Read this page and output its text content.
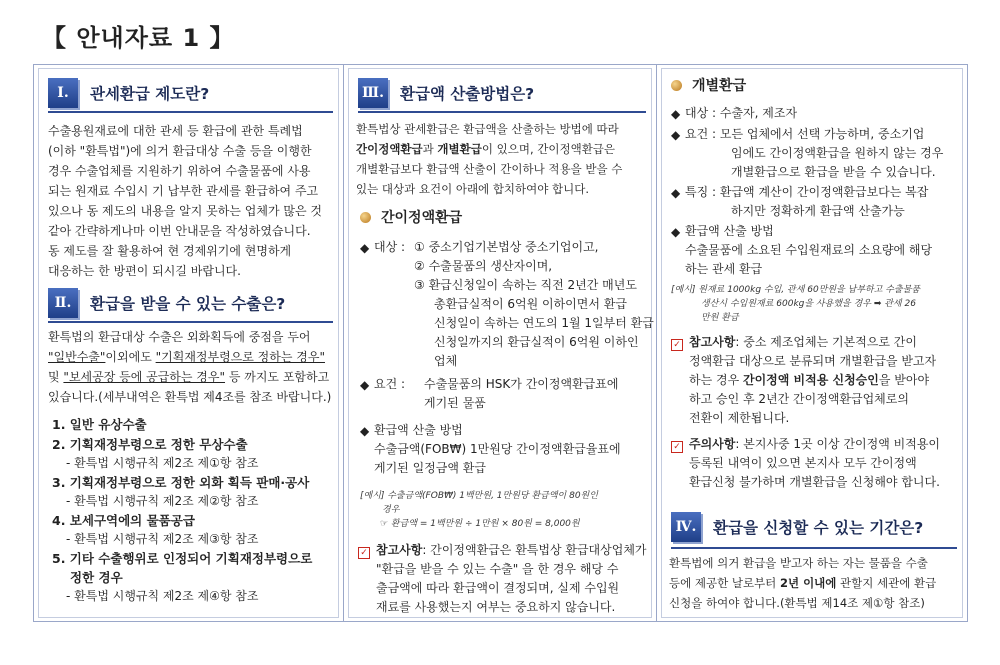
【 안내자료 1 】
Ⅰ.	관세환급 제도란?
수출용원재료에 대한 관세 등 환급에 관한 특례법
(이하 "환특법")에 의거 환급대상 수출 등을 이행한
경우 수출업체를 지원하기 위하여 수출물품에 사용
되는 원재료 수입시 기 납부한 관세를 환급하여 주고
있으나 동 제도의 내용을 알지 못하는 업체가 많은 것
같아 간략하게나마 이번 안내문을 작성하였습니다.
동 제도를 잘 활용하여 현 경제위기에 현명하게
대응하는 한 방편이 되시길 바랍니다.
Ⅱ.	환급을 받을 수 있는 수출은?
환특법의 환급대상 수출은 외화획득에 중점을 두어
"일반수출"이외에도 "기획재정부령으로 정하는 경우"
및 "보세공장 등에 공급하는 경우" 등 까지도 포함하고
있습니다.(세부내역은 환특법 제4조를 참조 바랍니다.)
1. 일반 유상수출
2. 기획재정부령으로 정한 무상수출
- 환특법 시행규칙 제2조 제①항 참조
3. 기획재정부령으로 정한 외화 획득 판매·공사
- 환특법 시행규칙 제2조 제②항 참조
4. 보세구역에의 물품공급
- 환특법 시행규칙 제2조 제③항 참조
5. 기타 수출행위로 인정되어 기획재정부령으로
정한 경우
- 환특법 시행규칙 제2조 제④항 참조
Ⅲ. 환급액 산출방법은?
환특법상 관세환급은 환급액을 산출하는 방법에 따라
간이정액환급과 개별환급이 있으며, 간이정액환급은
개별환급보다 환급액 산출이 간이하나 적용을 받을 수
있는 대상과 요건이 아래에 합치하여야 합니다.
간이정액환급
◆ 대상 : ① 중소기업기본법상 중소기업이고,
② 수출물품의 생산자이며,
③ 환급신청일이 속하는 직전 2년간 매년도
총환급실적이 6억원 이하이면서 환급
신청일이 속하는 연도의 1월 1일부터 환급
신청일까지의 환급실적이 6억원 이하인
업체
◆ 요건 : 수출물품의 HSK가 간이정액환급표에
게기된 물품
◆ 환급액 산출 방법
수출금액(FOB₩) 1만원당 간이정액환급율표에
게기된 일정금액 환급
[예시] 수출금액(FOB₩) 1백만원, 1만원당 환급액이 80원인
경우
☞ 환급액 = 1백만원 ÷ 1만원 × 80원 = 8,000원
✓ 참고사항: 간이정액환급은 환특법상 환급대상업체가
"환급을 받을 수 있는 수출" 을 한 경우 해당 수
출금액에 따라 환급액이 결정되며, 실제 수입원
재료를 사용했는지 여부는 중요하지 않습니다.
개별환급
◆ 대상 : 수출자, 제조자
◆ 요건 : 모든 업체에서 선택 가능하며, 중소기업
임에도 간이정액환급을 원하지 않는 경우
개별환급으로 환급을 받을 수 있습니다.
◆ 특징 : 환급액 계산이 간이정액환급보다는 복잡
하지만 정확하게 환급액 산출가능
◆ 환급액 산출 방법
수출물품에 소요된 수입원재료의 소요량에 해당
하는 관세 환급
[예시] 원재료 1000kg 수입, 관세 60만원을 납부하고 수출물품
생산시 수입원재료 600kg을 사용했을 경우 ➡ 관세 26
만원 환급
✓ 참고사항: 중소 제조업체는 기본적으로 간이
정액환급 대상으로 분류되며 개별환급을 받고자
하는 경우 간이정액 비적용 신청승인을 받아야
하고 승인 후 2년간 간이정액환급업체로의
전환이 제한됩니다.
✓ 주의사항: 본지사중 1곳 이상 간이정액 비적용이
등록된 내역이 있으면 본지사 모두 간이정액
환급신청 불가하며 개별환급을 신청해야 합니다.
Ⅳ. 환급을 신청할 수 있는 기간은?
환특법에 의거 환급을 받고자 하는 자는 물품을 수출
등에 제공한 날로부터 2년 이내에 관할지 세관에 환급
신청을 하여야 합니다.(환특법 제14조 제①항 참조)
